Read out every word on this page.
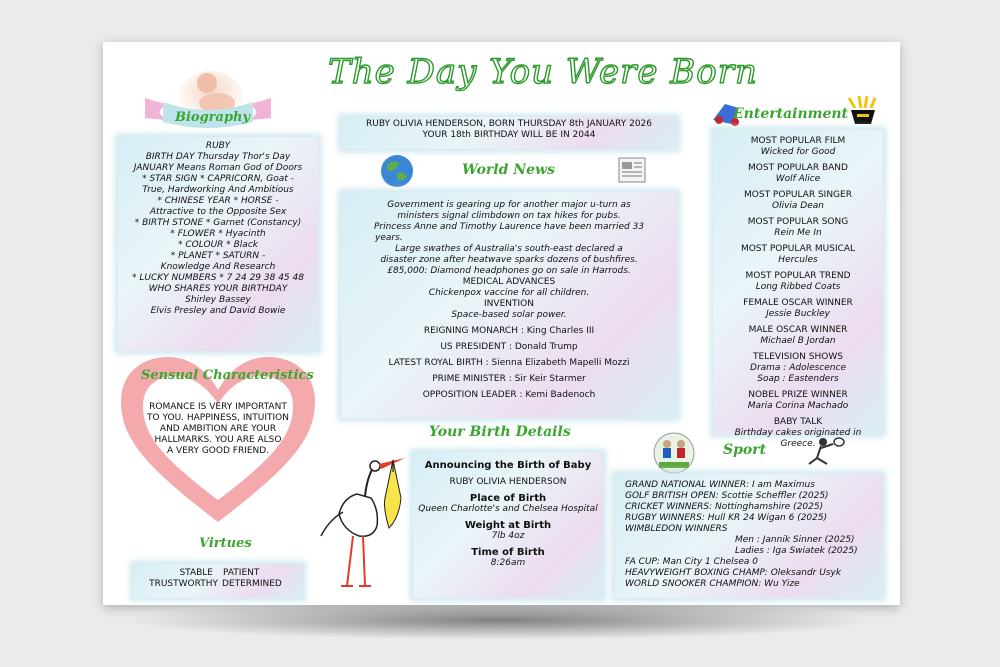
The Day You Were Born
Biography
RUBY
BIRTH DAY Thursday Thor's Day
JANUARY Means Roman God of Doors
* STAR SIGN * CAPRICORN, Goat -
True, Hardworking And Ambitious
* CHINESE YEAR * HORSE -
Attractive to the Opposite Sex
* BIRTH STONE * Garnet (Constancy)
* FLOWER * Hyacinth
* COLOUR * Black
* PLANET * SATURN -
Knowledge And Research
* LUCKY NUMBERS * 7 24 29 38 45 48
WHO SHARES YOUR BIRTHDAY
Shirley Bassey
Elvis Presley and David Bowie
Sensual Characteristics
ROMANCE IS VERY IMPORTANT
TO YOU. HAPPINESS, INTUITION
AND AMBITION ARE YOUR
HALLMARKS. YOU ARE ALSO
A VERY GOOD FRIEND.
Virtues
STABLE PATIENT
TRUSTWORTHY DETERMINED
RUBY OLIVIA HENDERSON, BORN THURSDAY 8th JANUARY 2026
YOUR 18th BIRTHDAY WILL BE IN 2044
World News
Government is gearing up for another major u-turn as
ministers signal climbdown on tax hikes for pubs.
Princess Anne and Timothy Laurence have been married 33
years.
Large swathes of Australia's south-east declared a
disaster zone after heatwave sparks dozens of bushfires.
£85,000: Diamond headphones go on sale in Harrods.
MEDICAL ADVANCES
Chickenpox vaccine for all children.
INVENTION
Space-based solar power.
REIGNING MONARCH : King Charles III
US PRESIDENT : Donald Trump
LATEST ROYAL BIRTH : Sienna Elizabeth Mapelli Mozzi
PRIME MINISTER : Sir Keir Starmer
OPPOSITION LEADER : Kemi Badenoch
Your Birth Details
Announcing the Birth of Baby
RUBY OLIVIA HENDERSON
Place of Birth
Queen Charlotte's and Chelsea Hospital
Weight at Birth
7lb 4oz
Time of Birth
8:26am
Entertainment
MOST POPULAR FILM
Wicked for Good
MOST POPULAR BAND
Wolf Alice
MOST POPULAR SINGER
Olivia Dean
MOST POPULAR SONG
Rein Me In
MOST POPULAR MUSICAL
Hercules
MOST POPULAR TREND
Long Ribbed Coats
FEMALE OSCAR WINNER
Jessie Buckley
MALE OSCAR WINNER
Michael B Jordan
TELEVISION SHOWS
Drama : Adolescence
Soap : Eastenders
NOBEL PRIZE WINNER
Maria Corina Machado
BABY TALK
Birthday cakes originated in
Greece.
Sport
GRAND NATIONAL WINNER: I am Maximus
GOLF BRITISH OPEN: Scottie Scheffler (2025)
CRICKET WINNERS: Nottinghamshire (2025)
RUGBY WINNERS: Hull KR 24 Wigan 6 (2025)
WIMBLEDON WINNERS
Men : Jannik Sinner (2025)
Ladies : Iga Swiatek (2025)
FA CUP: Man City 1 Chelsea 0
HEAVYWEIGHT BOXING CHAMP: Oleksandr Usyk
WORLD SNOOKER CHAMPION: Wu Yize
